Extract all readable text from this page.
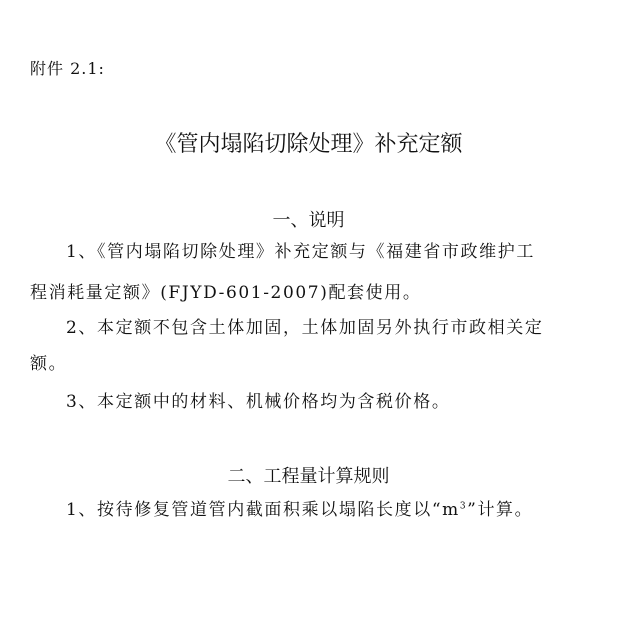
附件 2.1:
《管内塌陷切除处理》补充定额
一、说明
1、《管内塌陷切除处理》补充定额与《福建省市政维护工
程消耗量定额》(FJYD-601-2007)配套使用。
2、本定额不包含土体加固，土体加固另外执行市政相关定
额。
3、本定额中的材料、机械价格均为含税价格。
二、工程量计算规则
1、按待修复管道管内截面积乘以塌陷长度以“$m^3$”计算。
